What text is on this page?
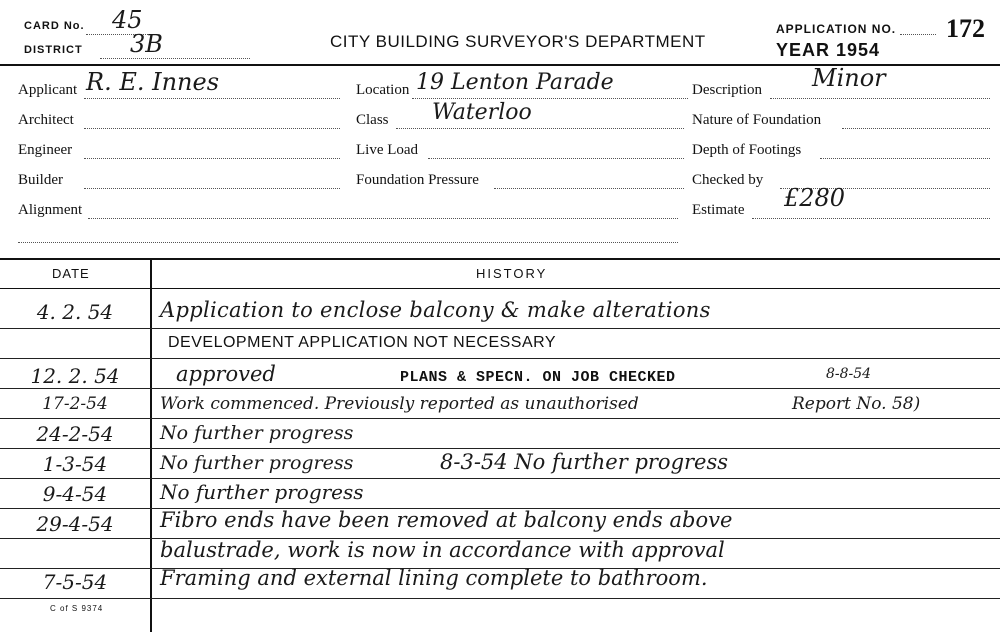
CARD No. 45
DISTRICT 3B	CITY BUILDING SURVEYOR'S DEPARTMENT
APPLICATION NO. 172
YEAR 1954
Applicant R. E. Innes
Architect
Engineer
Builder
Alignment
Location 19 Lenton Parade
Class Waterloo
Live Load
Foundation Pressure
Description Minor
Nature of Foundation
Depth of Footings
Checked by
Estimate £280
DATE	HISTORY
4. 2. 54	Application to enclose balcony & make alterations
DEVELOPMENT APPLICATION NOT NECESSARY
12. 2. 54	approved	PLANS & SPECN. ON JOB CHECKED	8-8-54
17-2-54	Work commenced. Previously reported as unauthorised	Report No. 58)
24-2-54	No further progress
1-3-54	No further progress	8-3-54 No further progress
9-4-54	No further progress
29-4-54	Fibro ends have been removed at balcony ends above
balustrade, work is now in accordance with approval
7-5-54	Framing and external lining complete to bathroom.
C of S 9374
